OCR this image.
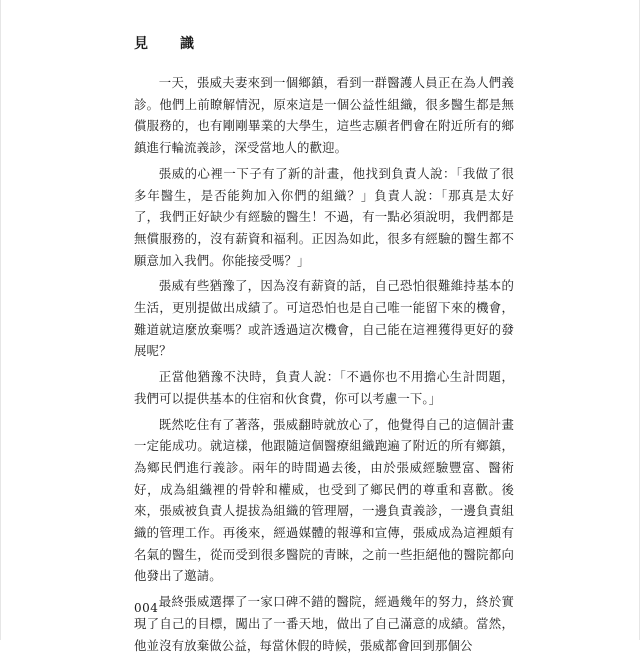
見　識

一天，張威夫妻來到一個鄉鎮，看到一群醫護人員正在為人們義診。他們上前瞭解情況，原來這是一個公益性組織，很多醫生都是無償服務的，也有剛剛畢業的大學生，這些志願者們會在附近所有的鄉鎮進行輪流義診，深受當地人的歡迎。

張威的心裡一下子有了新的計畫，他找到負責人說：「我做了很多年醫生，是否能夠加入你們的組織？」負責人說：「那真是太好了，我們正好缺少有經驗的醫生！不過，有一點必須說明，我們都是無償服務的，沒有薪資和福利。正因為如此，很多有經驗的醫生都不願意加入我們。你能接受嗎？」

張威有些猶豫了，因為沒有薪資的話，自己恐怕很難維持基本的生活，更別提做出成績了。可這恐怕也是自己唯一能留下來的機會，難道就這麼放棄嗎？或許透過這次機會，自己能在這裡獲得更好的發展呢？

正當他猶豫不決時，負責人說：「不過你也不用擔心生計問題，我們可以提供基本的住宿和伙食費，你可以考慮一下。」

既然吃住有了著落，張威翻時就放心了，他覺得自己的這個計畫一定能成功。就這樣，他跟隨這個醫療組織跑遍了附近的所有鄉鎮，為鄉民們進行義診。兩年的時間過去後，由於張威經驗豐富、醫術好，成為組織裡的骨幹和權威，也受到了鄉民們的尊重和喜歡。後來，張威被負責人提拔為組織的管理層，一邊負責義診，一邊負責組織的管理工作。再後來，經過媒體的報導和宣傳，張威成為這裡頗有名氣的醫生，從而受到很多醫院的青睞，之前一些拒絕他的醫院都向他發出了邀請。

最終張威選擇了一家口碑不錯的醫院，經過幾年的努力，終於實現了自己的目標，闖出了一番天地，做出了自己滿意的成績。當然，他並沒有放棄做公益，每當休假的時候，張威都會回到那個公

004
